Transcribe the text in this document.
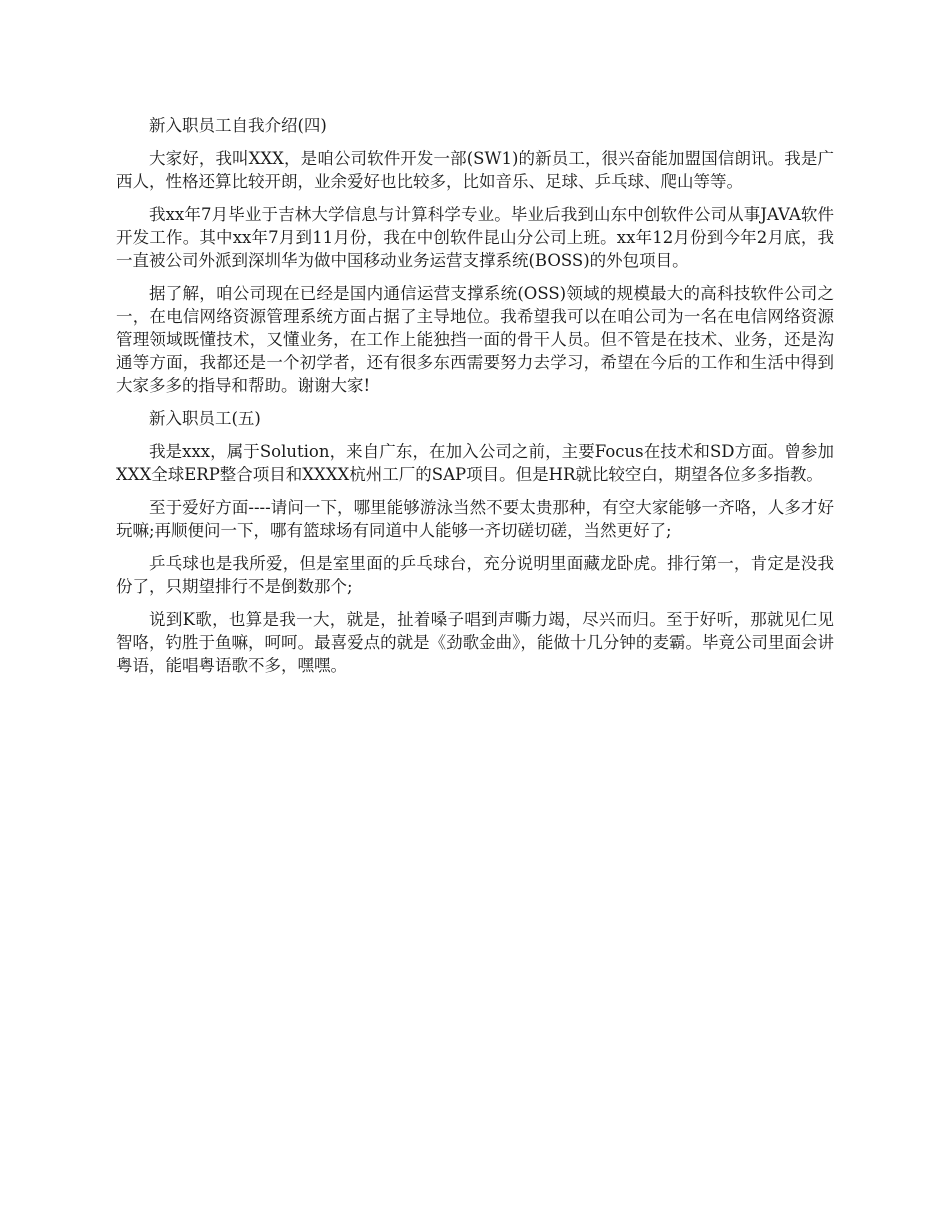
新入职员工自我介绍(四)

大家好，我叫XXX，是咱公司软件开发一部(SW1)的新员工，很兴奋能加盟国信朗讯。我是广西人，性格还算比较开朗，业余爱好也比较多，比如音乐、足球、乒乓球、爬山等等。

我xx年7月毕业于吉林大学信息与计算科学专业。毕业后我到山东中创软件公司从事JAVA软件开发工作。其中xx年7月到11月份，我在中创软件昆山分公司上班。xx年12月份到今年2月底，我一直被公司外派到深圳华为做中国移动业务运营支撑系统(BOSS)的外包项目。

据了解，咱公司现在已经是国内通信运营支撑系统(OSS)领域的规模最大的高科技软件公司之一，在电信网络资源管理系统方面占据了主导地位。我希望我可以在咱公司为一名在电信网络资源管理领域既懂技术，又懂业务，在工作上能独挡一面的骨干人员。但不管是在技术、业务，还是沟通等方面，我都还是一个初学者，还有很多东西需要努力去学习，希望在今后的工作和生活中得到大家多多的指导和帮助。谢谢大家!

新入职员工(五)

我是xxx，属于Solution，来自广东，在加入公司之前，主要Focus在技术和SD方面。曾参加XXX全球ERP整合项目和XXXX杭州工厂的SAP项目。但是HR就比较空白，期望各位多多指教。

至于爱好方面----请问一下，哪里能够游泳当然不要太贵那种，有空大家能够一齐咯，人多才好玩嘛;再顺便问一下，哪有篮球场有同道中人能够一齐切磋切磋，当然更好了;

乒乓球也是我所爱，但是室里面的乒乓球台，充分说明里面藏龙卧虎。排行第一，肯定是没我份了，只期望排行不是倒数那个;

说到K歌，也算是我一大，就是，扯着嗓子唱到声嘶力竭，尽兴而归。至于好听，那就见仁见智咯，钓胜于鱼嘛，呵呵。最喜爱点的就是《劲歌金曲》，能做十几分钟的麦霸。毕竟公司里面会讲粤语，能唱粤语歌不多，嘿嘿。
